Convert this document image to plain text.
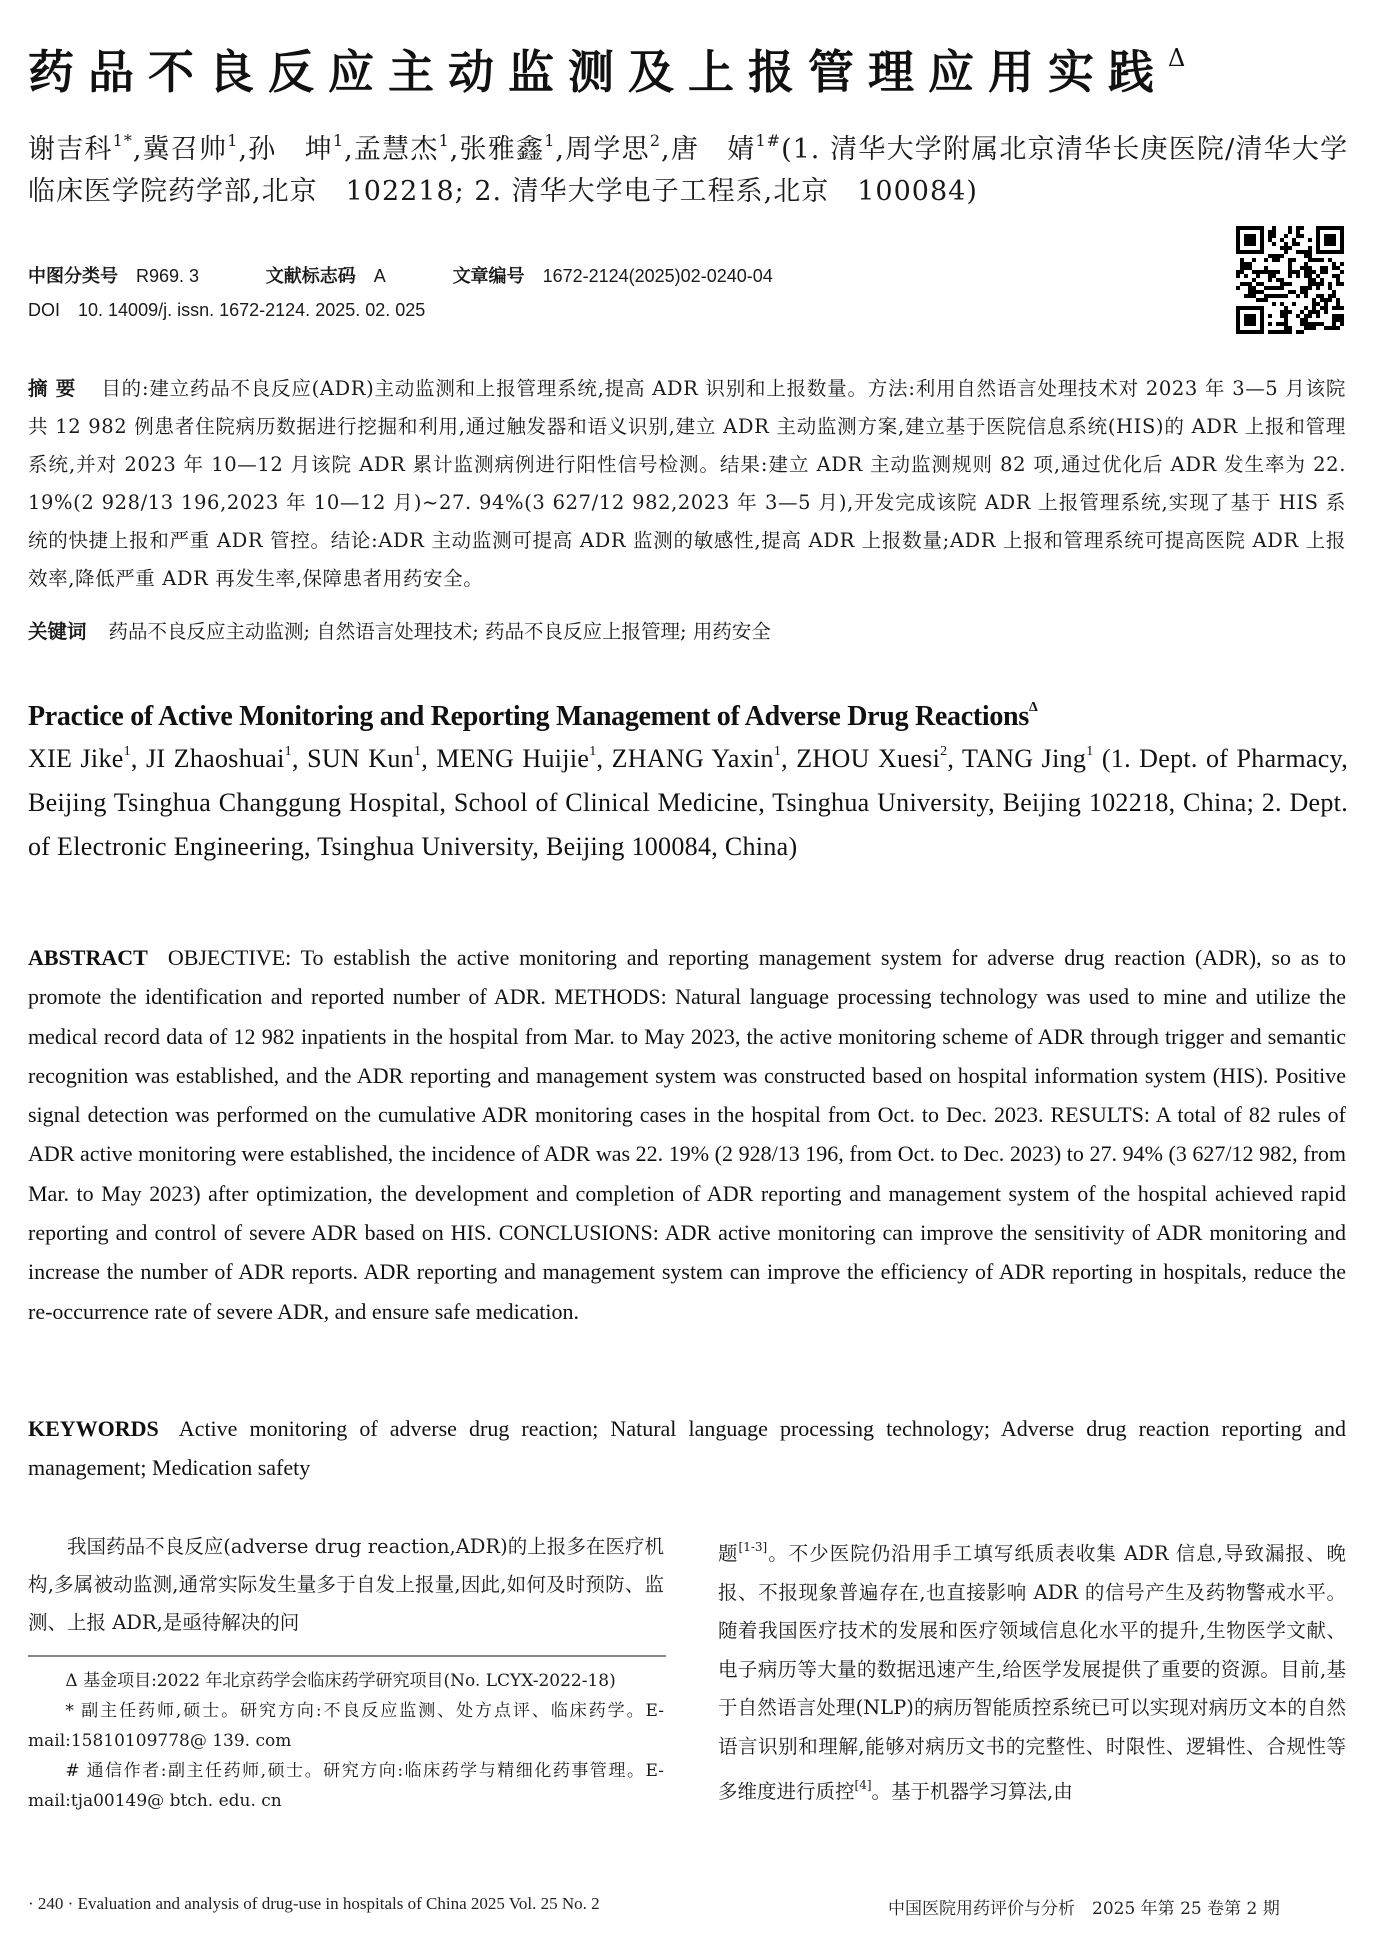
药品不良反应主动监测及上报管理应用实践$^\Delta$
谢吉科$^{1*}$,冀召帅$^1$,孙　坤$^1$,孟慧杰$^1$,张雅鑫$^1$,周学思$^2$,唐　婧$^{1\#}$(1. 清华大学附属北京清华长庚医院/清华大学临床医学院药学部,北京　102218; 2. 清华大学电子工程系,北京　100084)
中图分类号 R969. 3	文献标志码 A	文章编号 1672-2124(2025)02-0240-04
DOI 10. 14009/j. issn. 1672-2124. 2025. 02. 025
摘要 目的:建立药品不良反应(ADR)主动监测和上报管理系统,提高 ADR 识别和上报数量。方法:利用自然语言处理技术对 2023 年 3—5 月该院共 12 982 例患者住院病历数据进行挖掘和利用,通过触发器和语义识别,建立 ADR 主动监测方案,建立基于医院信息系统(HIS)的 ADR 上报和管理系统,并对 2023 年 10—12 月该院 ADR 累计监测病例进行阳性信号检测。结果:建立 ADR 主动监测规则 82 项,通过优化后 ADR 发生率为 22. 19%(2 928/13 196,2023 年 10—12 月)~27. 94%(3 627/12 982,2023 年 3—5 月),开发完成该院 ADR 上报管理系统,实现了基于 HIS 系统的快捷上报和严重 ADR 管控。结论:ADR 主动监测可提高 ADR 监测的敏感性,提高 ADR 上报数量;ADR 上报和管理系统可提高医院 ADR 上报效率,降低严重 ADR 再发生率,保障患者用药安全。
关键词 药品不良反应主动监测; 自然语言处理技术; 药品不良反应上报管理; 用药安全
Practice of Active Monitoring and Reporting Management of Adverse Drug Reactions$^\Delta$
XIE Jike$^1$, JI Zhaoshuai$^1$, SUN Kun$^1$, MENG Huijie$^1$, ZHANG Yaxin$^1$, ZHOU Xuesi$^2$, TANG Jing$^1$ (1. Dept. of Pharmacy, Beijing Tsinghua Changgung Hospital, School of Clinical Medicine, Tsinghua University, Beijing 102218, China; 2. Dept. of Electronic Engineering, Tsinghua University, Beijing 100084, China)
ABSTRACT OBJECTIVE: To establish the active monitoring and reporting management system for adverse drug reaction (ADR), so as to promote the identification and reported number of ADR. METHODS: Natural language processing technology was used to mine and utilize the medical record data of 12 982 inpatients in the hospital from Mar. to May 2023, the active monitoring scheme of ADR through trigger and semantic recognition was established, and the ADR reporting and management system was constructed based on hospital information system (HIS). Positive signal detection was performed on the cumulative ADR monitoring cases in the hospital from Oct. to Dec. 2023. RESULTS: A total of 82 rules of ADR active monitoring were established, the incidence of ADR was 22. 19% (2 928/13 196, from Oct. to Dec. 2023) to 27. 94% (3 627/12 982, from Mar. to May 2023) after optimization, the development and completion of ADR reporting and management system of the hospital achieved rapid reporting and control of severe ADR based on HIS. CONCLUSIONS: ADR active monitoring can improve the sensitivity of ADR monitoring and increase the number of ADR reports. ADR reporting and management system can improve the efficiency of ADR reporting in hospitals, reduce the re-occurrence rate of severe ADR, and ensure safe medication.
KEYWORDS Active monitoring of adverse drug reaction; Natural language processing technology; Adverse drug reaction reporting and management; Medication safety

我国药品不良反应(adverse drug reaction,ADR)的上报多在医疗机构,多属被动监测,通常实际发生量多于自发上报量,因此,如何及时预防、监测、上报 ADR,是亟待解决的问

Δ 基金项目:2022 年北京药学会临床药学研究项目(No. LCYX-2022-18)

* 副主任药师,硕士。研究方向:不良反应监测、处方点评、临床药学。E-mail:15810109778@ 139. com

# 通信作者:副主任药师,硕士。研究方向:临床药学与精细化药事管理。E-mail:tja00149@ btch. edu. cn

题[1-3]。不少医院仍沿用手工填写纸质表收集 ADR 信息,导致漏报、晚报、不报现象普遍存在,也直接影响 ADR 的信号产生及药物警戒水平。随着我国医疗技术的发展和医疗领域信息化水平的提升,生物医学文献、电子病历等大量的数据迅速产生,给医学发展提供了重要的资源。目前,基于自然语言处理(NLP)的病历智能质控系统已可以实现对病历文本的自然语言识别和理解,能够对病历文书的完整性、时限性、逻辑性、合规性等多维度进行质控[4]。基于机器学习算法,由

· 240 · Evaluation and analysis of drug-use in hospitals of China 2025 Vol. 25 No. 2	中国医院用药评价与分析　2025 年第 25 卷第 2 期
